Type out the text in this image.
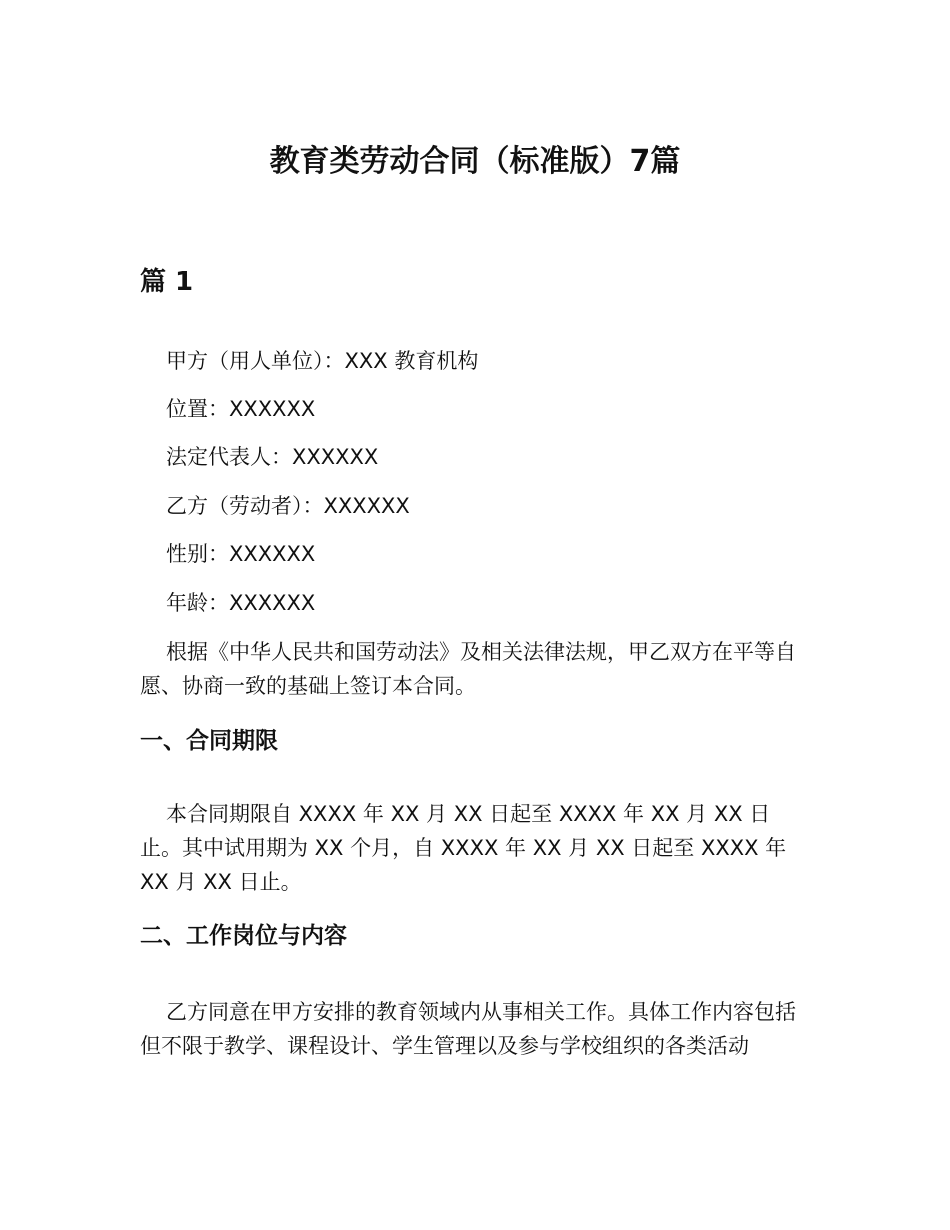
教育类劳动合同（标准版）7篇
篇 1

甲方（用人单位）：XXX 教育机构

位置：XXXXXX

法定代表人：XXXXXX

乙方（劳动者）：XXXXXX

性别：XXXXXX

年龄：XXXXXX

根据《中华人民共和国劳动法》及相关法律法规，甲乙双方在平等自愿、协商一致的基础上签订本合同。

一、合同期限

本合同期限自 XXXX 年 XX 月 XX 日起至 XXXX 年 XX 月 XX 日止。其中试用期为 XX 个月，自 XXXX 年 XX 月 XX 日起至 XXXX 年 XX 月 XX 日止。

二、工作岗位与内容

乙方同意在甲方安排的教育领域内从事相关工作。具体工作内容包括但不限于教学、课程设计、学生管理以及参与学校组织的各类活动
